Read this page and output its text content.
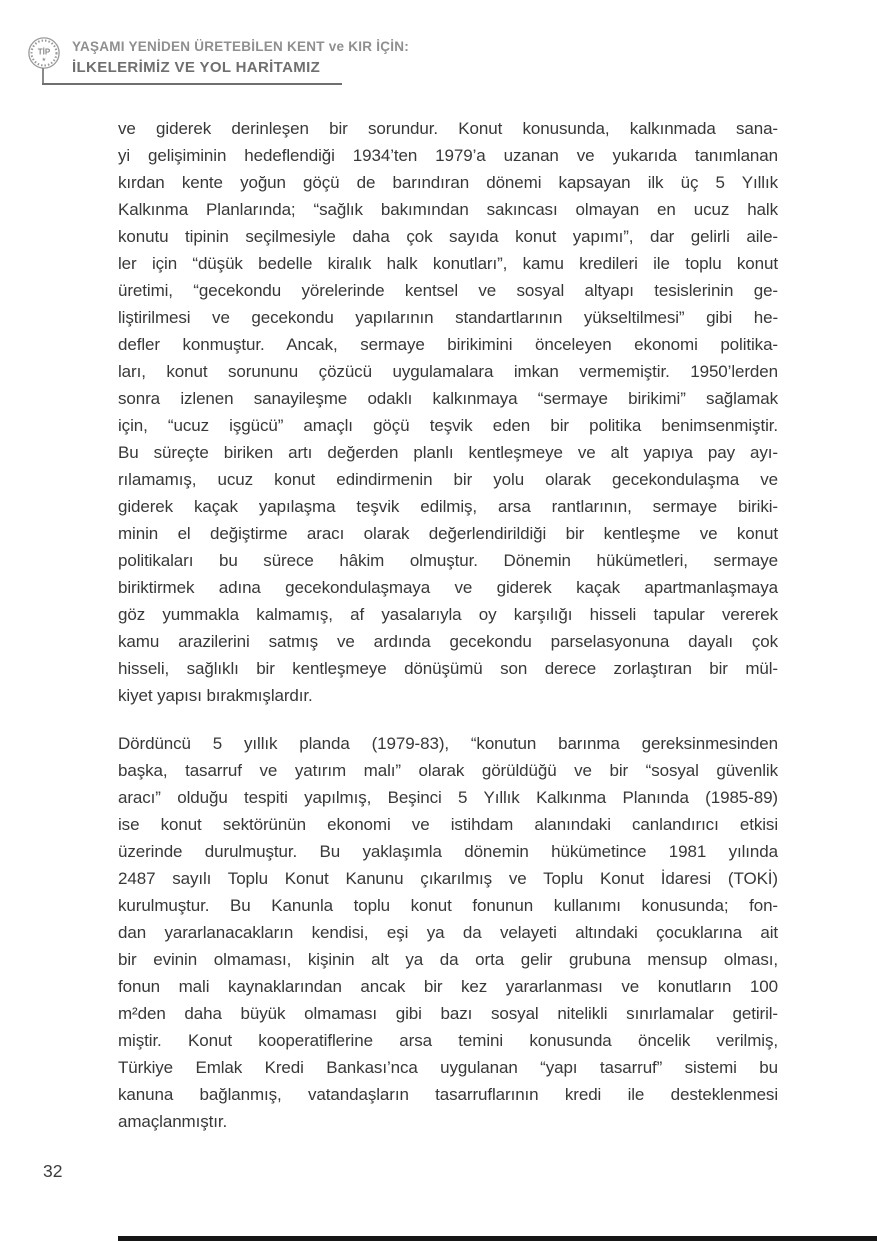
TİP
★
YAŞAMI YENİDEN ÜRETEBİLEN KENT ve KIR İÇİN:
İLKELERİMİZ VE YOL HARİTAMIZ
ve giderek derinleşen bir sorundur. Konut konusunda, kalkınmada sana-
yi gelişiminin hedeflendiği 1934’ten 1979’a uzanan ve yukarıda tanımlanan
kırdan kente yoğun göçü de barındıran dönemi kapsayan ilk üç 5 Yıllık
Kalkınma Planlarında; “sağlık bakımından sakıncası olmayan en ucuz halk
konutu tipinin seçilmesiyle daha çok sayıda konut yapımı”, dar gelirli aile-
ler için “düşük bedelle kiralık halk konutları”, kamu kredileri ile toplu konut
üretimi, “gecekondu yörelerinde kentsel ve sosyal altyapı tesislerinin ge-
liştirilmesi ve gecekondu yapılarının standartlarının yükseltilmesi” gibi he-
defler konmuştur. Ancak, sermaye birikimini önceleyen ekonomi politika-
ları, konut sorununu çözücü uygulamalara imkan vermemiştir. 1950’lerden
sonra izlenen sanayileşme odaklı kalkınmaya “sermaye birikimi” sağlamak
için, “ucuz işgücü” amaçlı göçü teşvik eden bir politika benimsenmiştir.
Bu süreçte biriken artı değerden planlı kentleşmeye ve alt yapıya pay ayı-
rılamamış, ucuz konut edindirmenin bir yolu olarak gecekondulaşma ve
giderek kaçak yapılaşma teşvik edilmiş, arsa rantlarının, sermaye biriki-
minin el değiştirme aracı olarak değerlendirildiği bir kentleşme ve konut
politikaları bu sürece hâkim olmuştur. Dönemin hükümetleri, sermaye
biriktirmek adına gecekondulaşmaya ve giderek kaçak apartmanlaşmaya
göz yummakla kalmamış, af yasalarıyla oy karşılığı hisseli tapular vererek
kamu arazilerini satmış ve ardında gecekondu parselasyonuna dayalı çok
hisseli, sağlıklı bir kentleşmeye dönüşümü son derece zorlaştıran bir mül-
kiyet yapısı bırakmışlardır.
Dördüncü 5 yıllık planda (1979-83), “konutun barınma gereksinmesinden
başka, tasarruf ve yatırım malı” olarak görüldüğü ve bir “sosyal güvenlik
aracı” olduğu tespiti yapılmış, Beşinci 5 Yıllık Kalkınma Planında (1985-89)
ise konut sektörünün ekonomi ve istihdam alanındaki canlandırıcı etkisi
üzerinde durulmuştur. Bu yaklaşımla dönemin hükümetince 1981 yılında
2487 sayılı Toplu Konut Kanunu çıkarılmış ve Toplu Konut İdaresi (TOKİ)
kurulmuştur. Bu Kanunla toplu konut fonunun kullanımı konusunda; fon-
dan yararlanacakların kendisi, eşi ya da velayeti altındaki çocuklarına ait
bir evinin olmaması, kişinin alt ya da orta gelir grubuna mensup olması,
fonun mali kaynaklarından ancak bir kez yararlanması ve konutların 100
m²den daha büyük olmaması gibi bazı sosyal nitelikli sınırlamalar getiril-
miştir. Konut kooperatiflerine arsa temini konusunda öncelik verilmiş,
Türkiye Emlak Kredi Bankası’nca uygulanan “yapı tasarruf” sistemi bu
kanuna bağlanmış, vatandaşların tasarruflarının kredi ile desteklenmesi
amaçlanmıştır.
32
